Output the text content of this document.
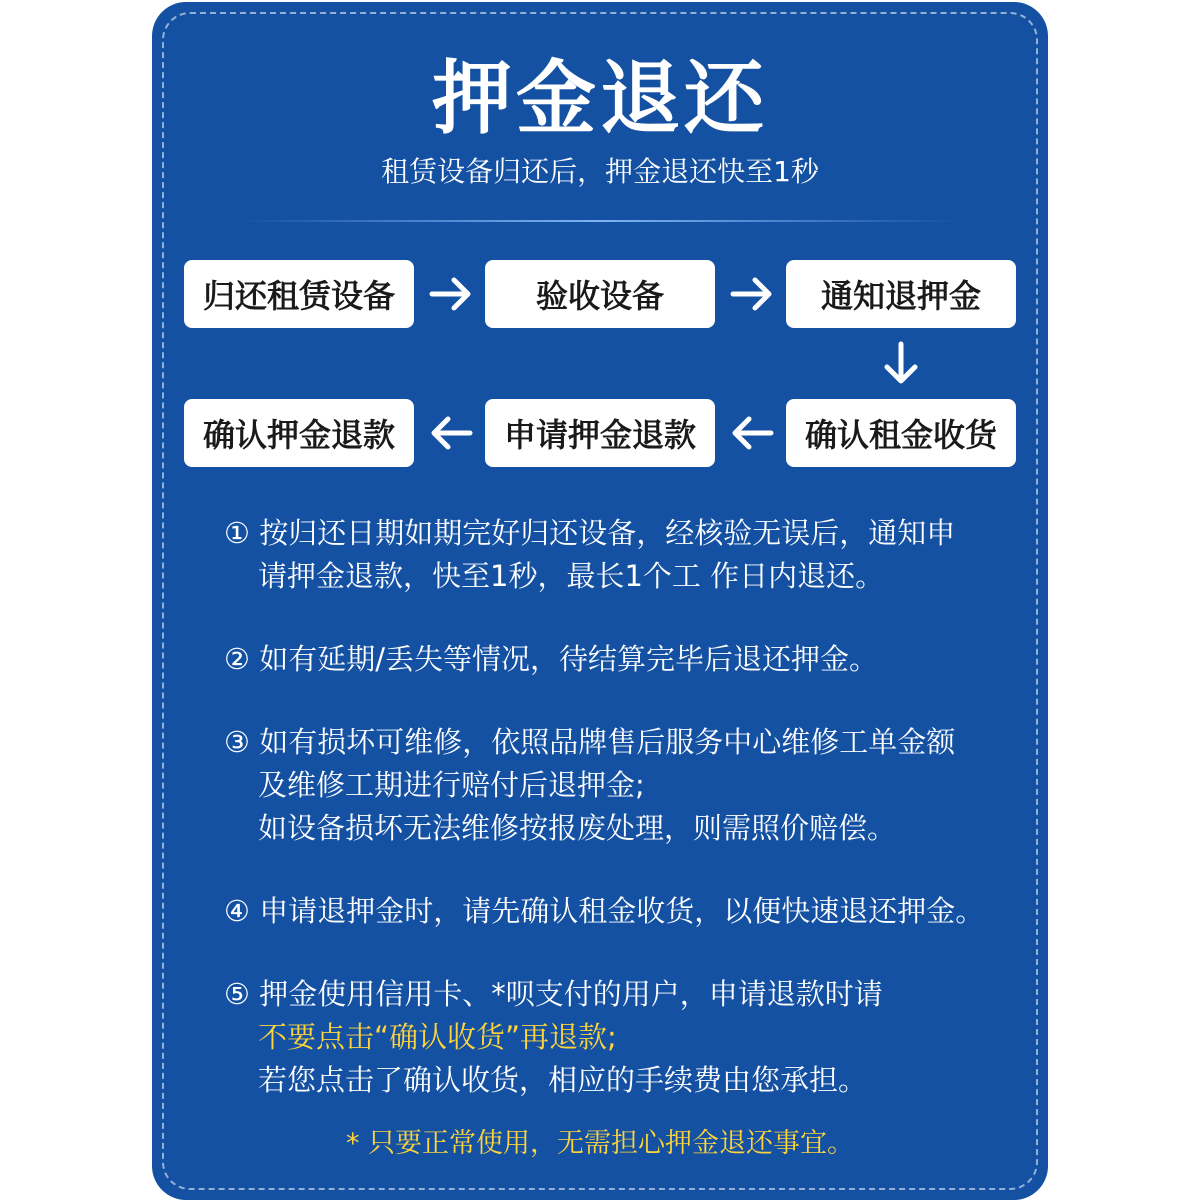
押金退还
租赁设备归还后，押金退还快至1秒
归还租赁设备	验收设备	通知退押金
确认押金退款	申请押金退款	确认租金收货
① 按归还日期如期完好归还设备，经核验无误后，通知申
请押金退款，快至1秒，最长1个工 作日内退还。
② 如有延期/丢失等情况，待结算完毕后退还押金。
③ 如有损坏可维修，依照品牌售后服务中心维修工单金额
及维修工期进行赔付后退押金;
如设备损坏无法维修按报废处理，则需照价赔偿。
④ 申请退押金时，请先确认租金收货，以便快速退还押金。
⑤ 押金使用信用卡、*呗支付的用户，申请退款时请
不要点击“确认收货”再退款;
若您点击了确认收货，相应的手续费由您承担。
* 只要正常使用，无需担心押金退还事宜。
